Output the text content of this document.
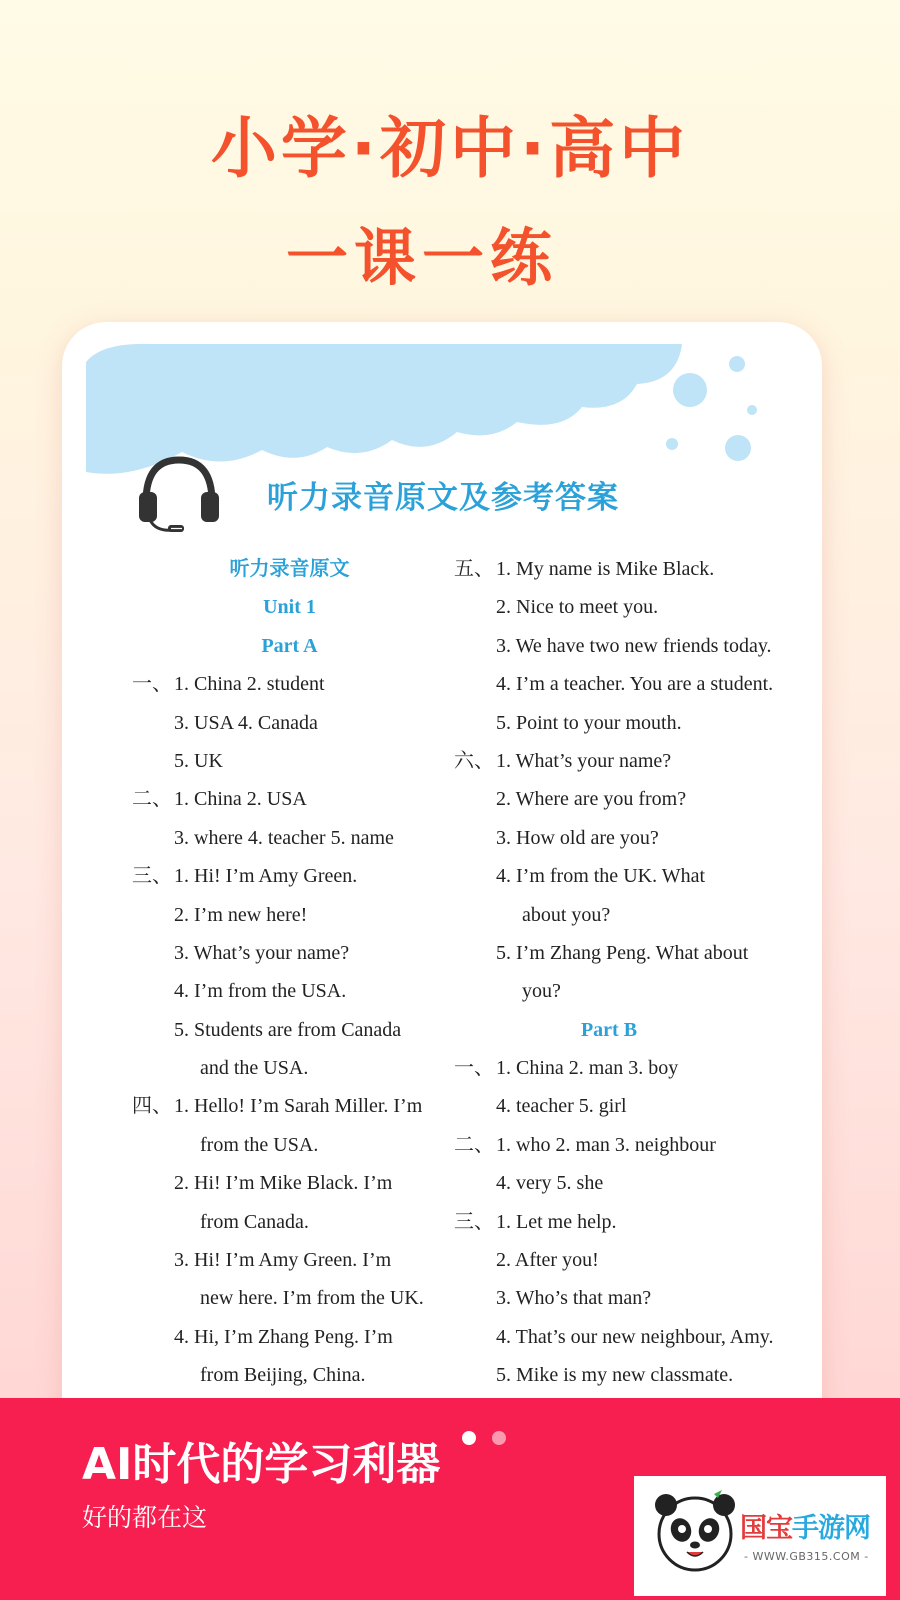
小学·初中·高中
一课一练
听力录音原文及参考答案
听力录音原文
Unit 1
Part A
一、 1. China 2. student
3. USA 4. Canada
5. UK
二、 1. China 2. USA
3. where 4. teacher 5. name
三、 1. Hi! I’m Amy Green.
2. I’m new here!
3. What’s your name?
4. I’m from the USA.
5. Students are from Canada
and the USA.
四、 1. Hello! I’m Sarah Miller. I’m
from the USA.
2. Hi! I’m Mike Black. I’m
from Canada.
3. Hi! I’m Amy Green. I’m
new here. I’m from the UK.
4. Hi, I’m Zhang Peng. I’m
from Beijing, China.
五、 1. My name is Mike Black.
2. Nice to meet you.
3. We have two new friends today.
4. I’m a teacher. You are a student.
5. Point to your mouth.
六、 1. What’s your name?
2. Where are you from?
3. How old are you?
4. I’m from the UK. What
about you?
5. I’m Zhang Peng. What about
you?
Part B
一、 1. China 2. man 3. boy
4. teacher 5. girl
二、 1. who 2. man 3. neighbour
4. very 5. she
三、 1. Let me help.
2. After you!
3. Who’s that man?
4. That’s our new neighbour, Amy.
5. Mike is my new classmate.
AI时代的学习利器
好的都在这	国宝手游网
- WWW.GB315.COM -
